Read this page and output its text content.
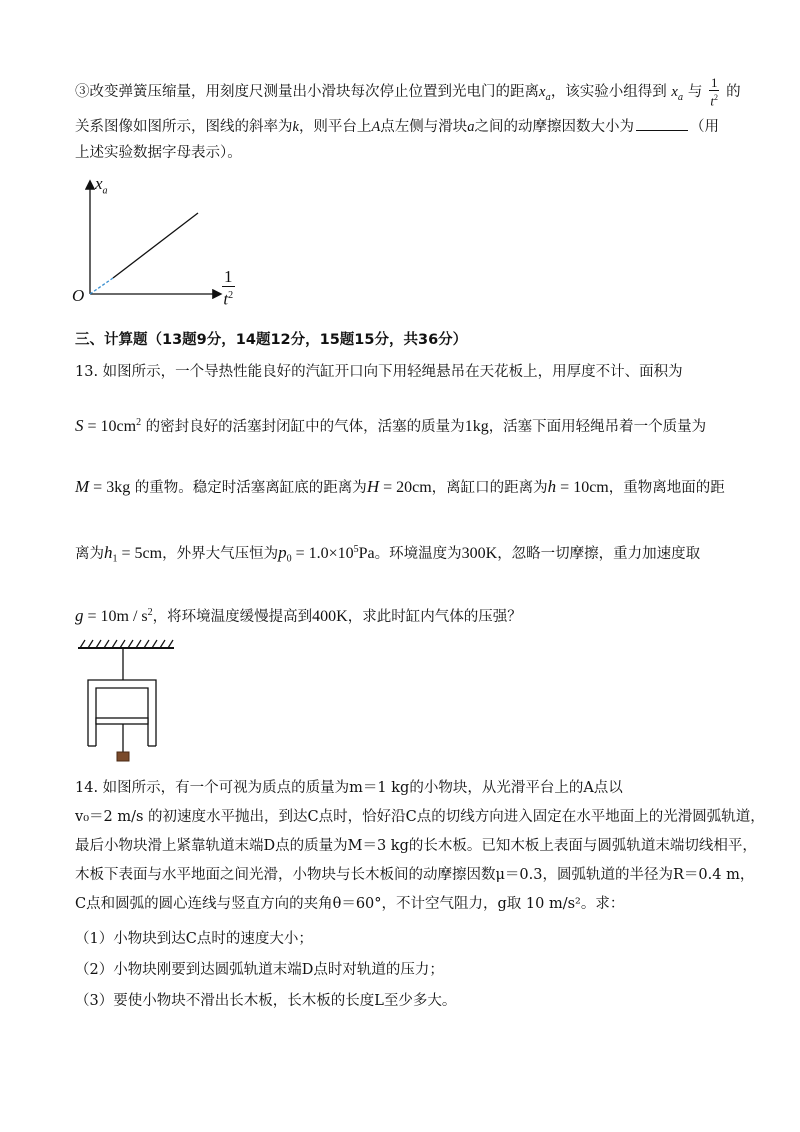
③改变弹簧压缩量，用刻度尺测量出小滑块每次停止位置到光电门的距离$x_a$，该实验小组得到 $x_a$ 与 $\frac{1}{t^2}$ 的
关系图像如图所示，图线的斜率为k，则平台上A点左侧与滑块a之间的动摩擦因数大小为	（用
上述实验数据字母表示）。
$x_a$
O
1
$t^2$
三、计算题（13题9分，14题12分，15题15分，共36分）
13. 如图所示，一个导热性能良好的汽缸开口向下用轻绳悬吊在天花板上，用厚度不计、面积为
$S = 10cm^2$ 的密封良好的活塞封闭缸中的气体，活塞的质量为1kg，活塞下面用轻绳吊着一个质量为
M = 3kg 的重物。稳定时活塞离缸底的距离为H = 20cm，离缸口的距离为h = 10cm，重物离地面的距
离为$h_1 = 5cm$，外界大气压恒为$p_0 = 1.0\times 10^5Pa$。环境温度为300K，忽略一切摩擦，重力加速度取
$g = 10m / s^2$，将环境温度缓慢提高到400K，求此时缸内气体的压强？
14. 如图所示，有一个可视为质点的质量为m＝1 kg的小物块，从光滑平台上的A点以
v₀＝2 m/s 的初速度水平抛出，到达C点时，恰好沿C点的切线方向进入固定在水平地面上的光滑圆弧轨道，
最后小物块滑上紧靠轨道末端D点的质量为M＝3 kg的长木板。已知木板上表面与圆弧轨道末端切线相平，
木板下表面与水平地面之间光滑，小物块与长木板间的动摩擦因数μ＝0.3，圆弧轨道的半径为R＝0.4 m，
C点和圆弧的圆心连线与竖直方向的夹角θ＝60°，不计空气阻力，g取 10 m/s²。求：
（1）小物块到达C点时的速度大小；
（2）小物块刚要到达圆弧轨道末端D点时对轨道的压力；
（3）要使小物块不滑出长木板，长木板的长度L至少多大。
